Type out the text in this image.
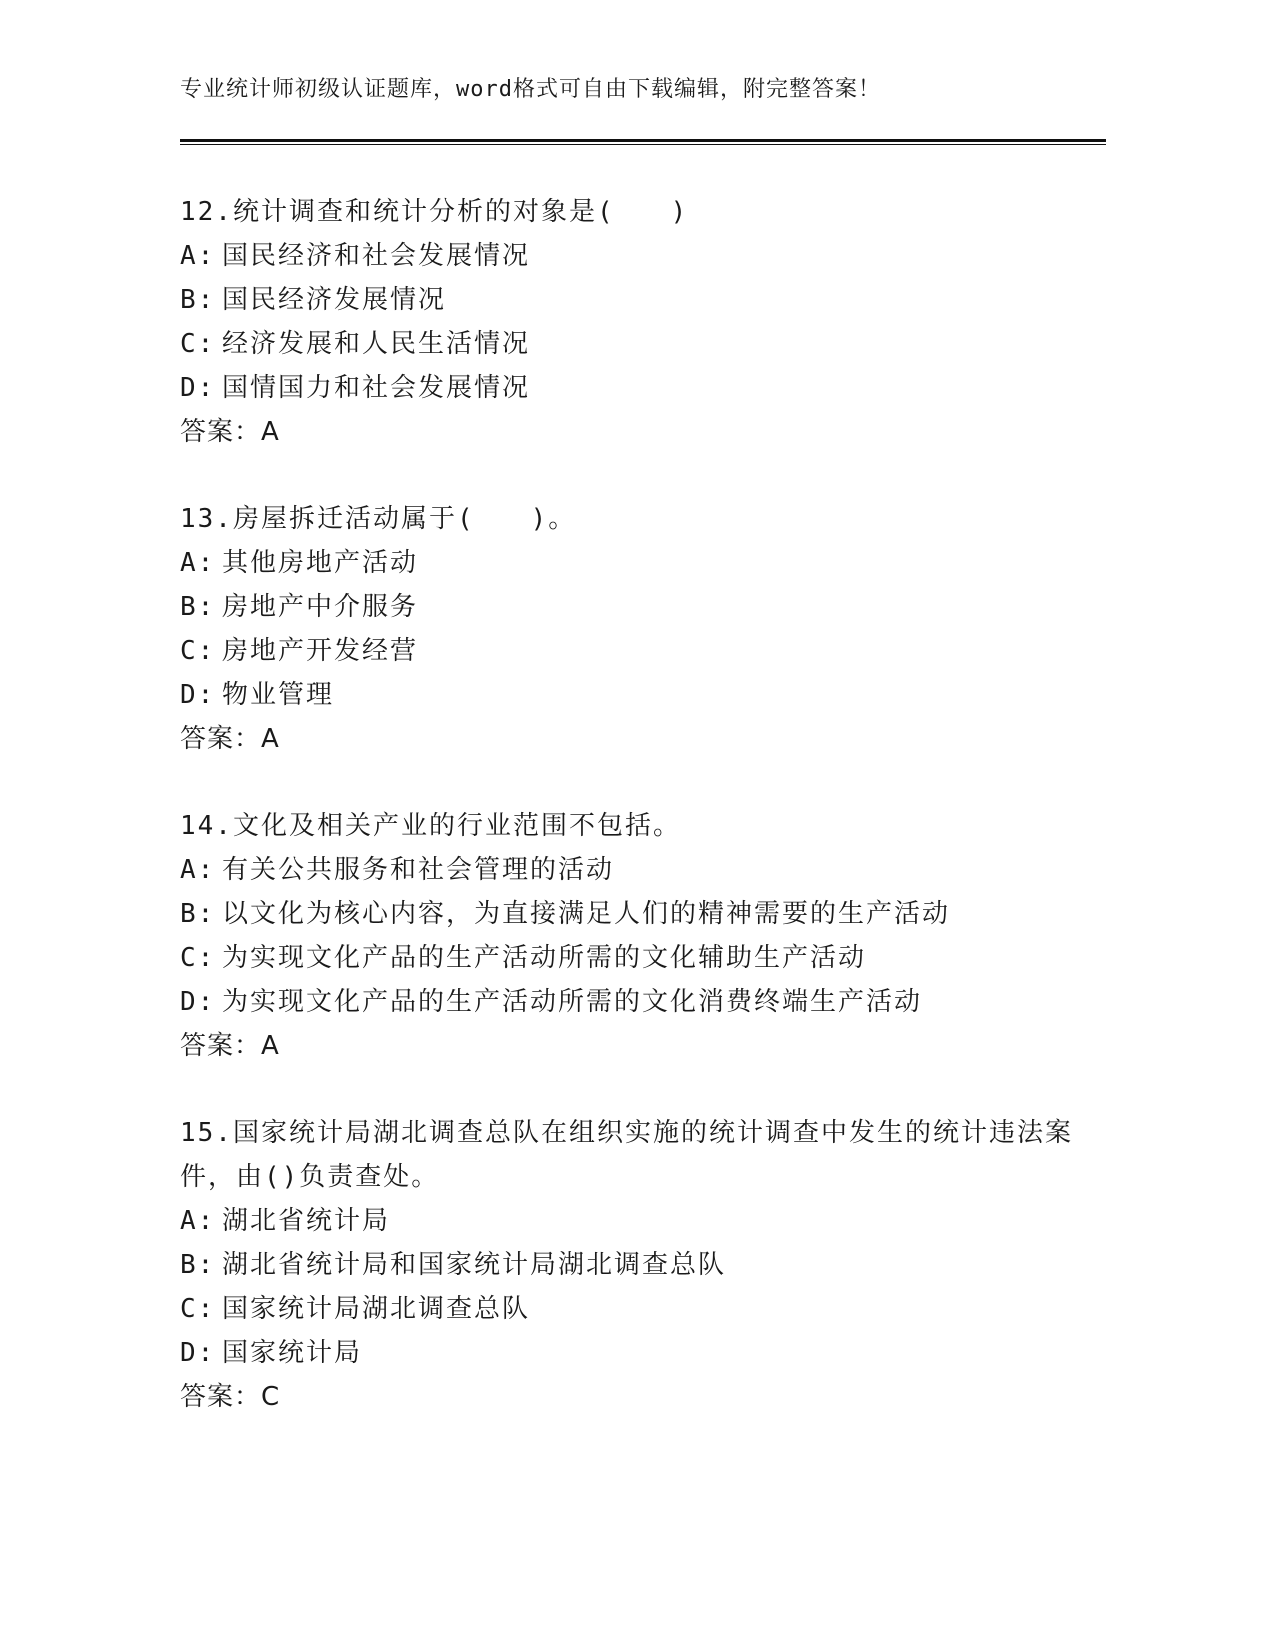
专业统计师初级认证题库，word格式可自由下载编辑，附完整答案！
12.统计调查和统计分析的对象是(　　)
A: 国民经济和社会发展情况
B: 国民经济发展情况
C: 经济发展和人民生活情况
D: 国情国力和社会发展情况
答案：A
13.房屋拆迁活动属于(　　)。
A: 其他房地产活动
B: 房地产中介服务
C: 房地产开发经营
D: 物业管理
答案：A
14.文化及相关产业的行业范围不包括。
A: 有关公共服务和社会管理的活动
B: 以文化为核心内容，为直接满足人们的精神需要的生产活动
C: 为实现文化产品的生产活动所需的文化辅助生产活动
D: 为实现文化产品的生产活动所需的文化消费终端生产活动
答案：A
15.国家统计局湖北调查总队在组织实施的统计调查中发生的统计违法案件，由()负责查处。
A: 湖北省统计局
B: 湖北省统计局和国家统计局湖北调查总队
C: 国家统计局湖北调查总队
D: 国家统计局
答案：C
